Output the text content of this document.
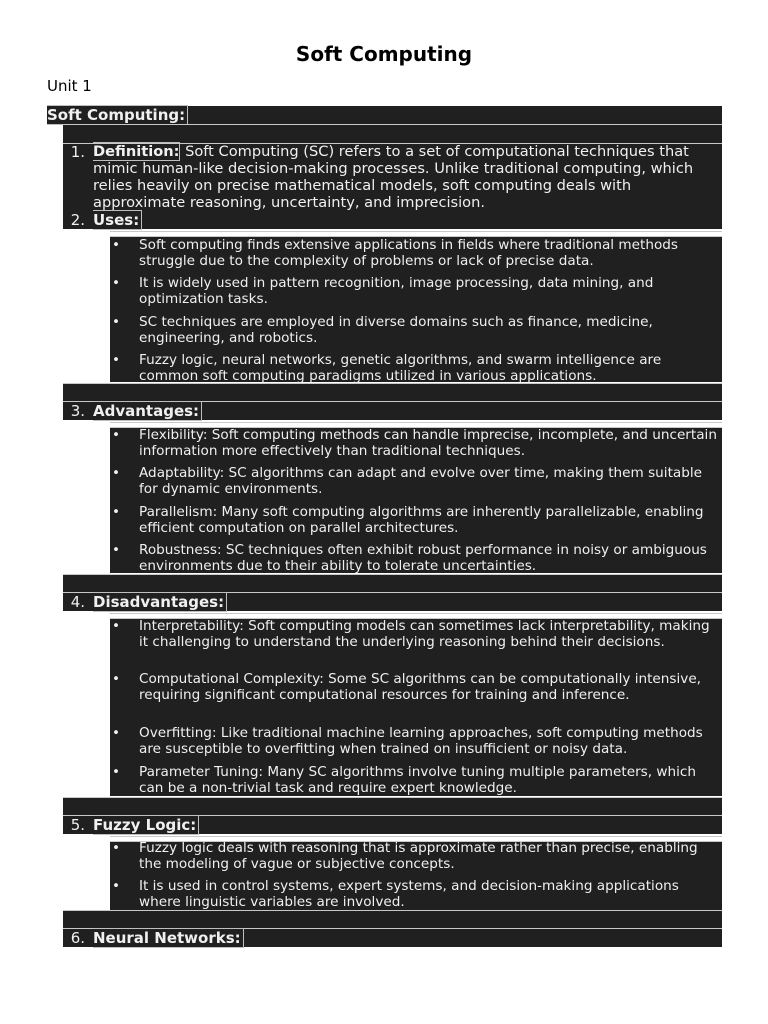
Soft Computing
Unit 1
Soft Computing:
1. Definition: Soft Computing (SC) refers to a set of computational techniques that mimic human-like decision-making processes. Unlike traditional computing, which relies heavily on precise mathematical models, soft computing deals with approximate reasoning, uncertainty, and imprecision.
2. Uses:
• Soft computing finds extensive applications in fields where traditional methods struggle due to the complexity of problems or lack of precise data.
• It is widely used in pattern recognition, image processing, data mining, and optimization tasks.
• SC techniques are employed in diverse domains such as finance, medicine, engineering, and robotics.
• Fuzzy logic, neural networks, genetic algorithms, and swarm intelligence are common soft computing paradigms utilized in various applications.
3. Advantages:
• Flexibility: Soft computing methods can handle imprecise, incomplete, and uncertain information more effectively than traditional techniques.
• Adaptability: SC algorithms can adapt and evolve over time, making them suitable for dynamic environments.
• Parallelism: Many soft computing algorithms are inherently parallelizable, enabling efficient computation on parallel architectures.
• Robustness: SC techniques often exhibit robust performance in noisy or ambiguous environments due to their ability to tolerate uncertainties.
4. Disadvantages:
• Interpretability: Soft computing models can sometimes lack interpretability, making it challenging to understand the underlying reasoning behind their decisions.
• Computational Complexity: Some SC algorithms can be computationally intensive, requiring significant computational resources for training and inference.
• Overfitting: Like traditional machine learning approaches, soft computing methods are susceptible to overfitting when trained on insufficient or noisy data.
• Parameter Tuning: Many SC algorithms involve tuning multiple parameters, which can be a non-trivial task and require expert knowledge.
5. Fuzzy Logic:
• Fuzzy logic deals with reasoning that is approximate rather than precise, enabling the modeling of vague or subjective concepts.
• It is used in control systems, expert systems, and decision-making applications where linguistic variables are involved.
6. Neural Networks:
